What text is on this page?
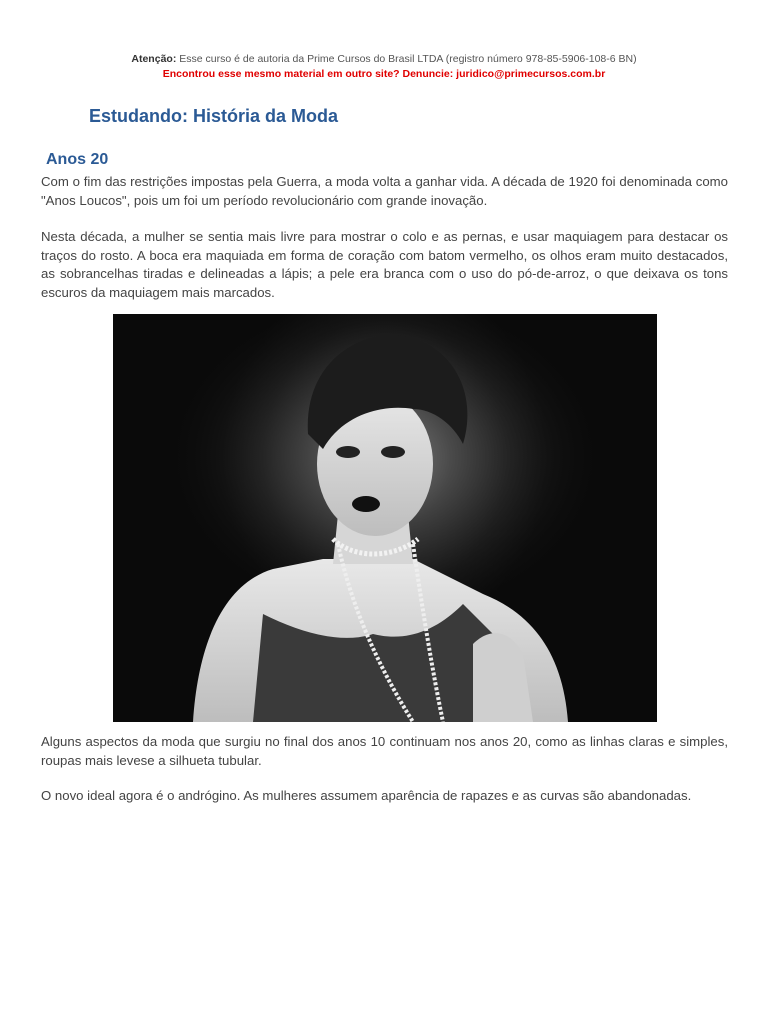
Atenção: Esse curso é de autoria da Prime Cursos do Brasil LTDA (registro número 978-85-5906-108-6 BN)
Encontrou esse mesmo material em outro site? Denuncie: juridico@primecursos.com.br
Estudando: História da Moda
Anos 20

Com o fim das restrições impostas pela Guerra, a moda volta a ganhar vida. A década de 1920 foi denominada como "Anos Loucos", pois um foi um período revolucionário com grande inovação.

Nesta década, a mulher se sentia mais livre para mostrar o colo e as pernas, e usar maquiagem para destacar os traços do rosto. A boca era maquiada em forma de coração com batom vermelho, os olhos eram muito destacados, as sobrancelhas tiradas e delineadas a lápis; a pele era branca com o uso do pó-de-arroz, o que deixava os tons escuros da maquiagem mais marcados.

Alguns aspectos da moda que surgiu no final dos anos 10 continuam nos anos 20, como as linhas claras e simples, roupas mais levese a silhueta tubular.

O novo ideal agora é o andrógino. As mulheres assumem aparência de rapazes e as curvas são abandonadas.
